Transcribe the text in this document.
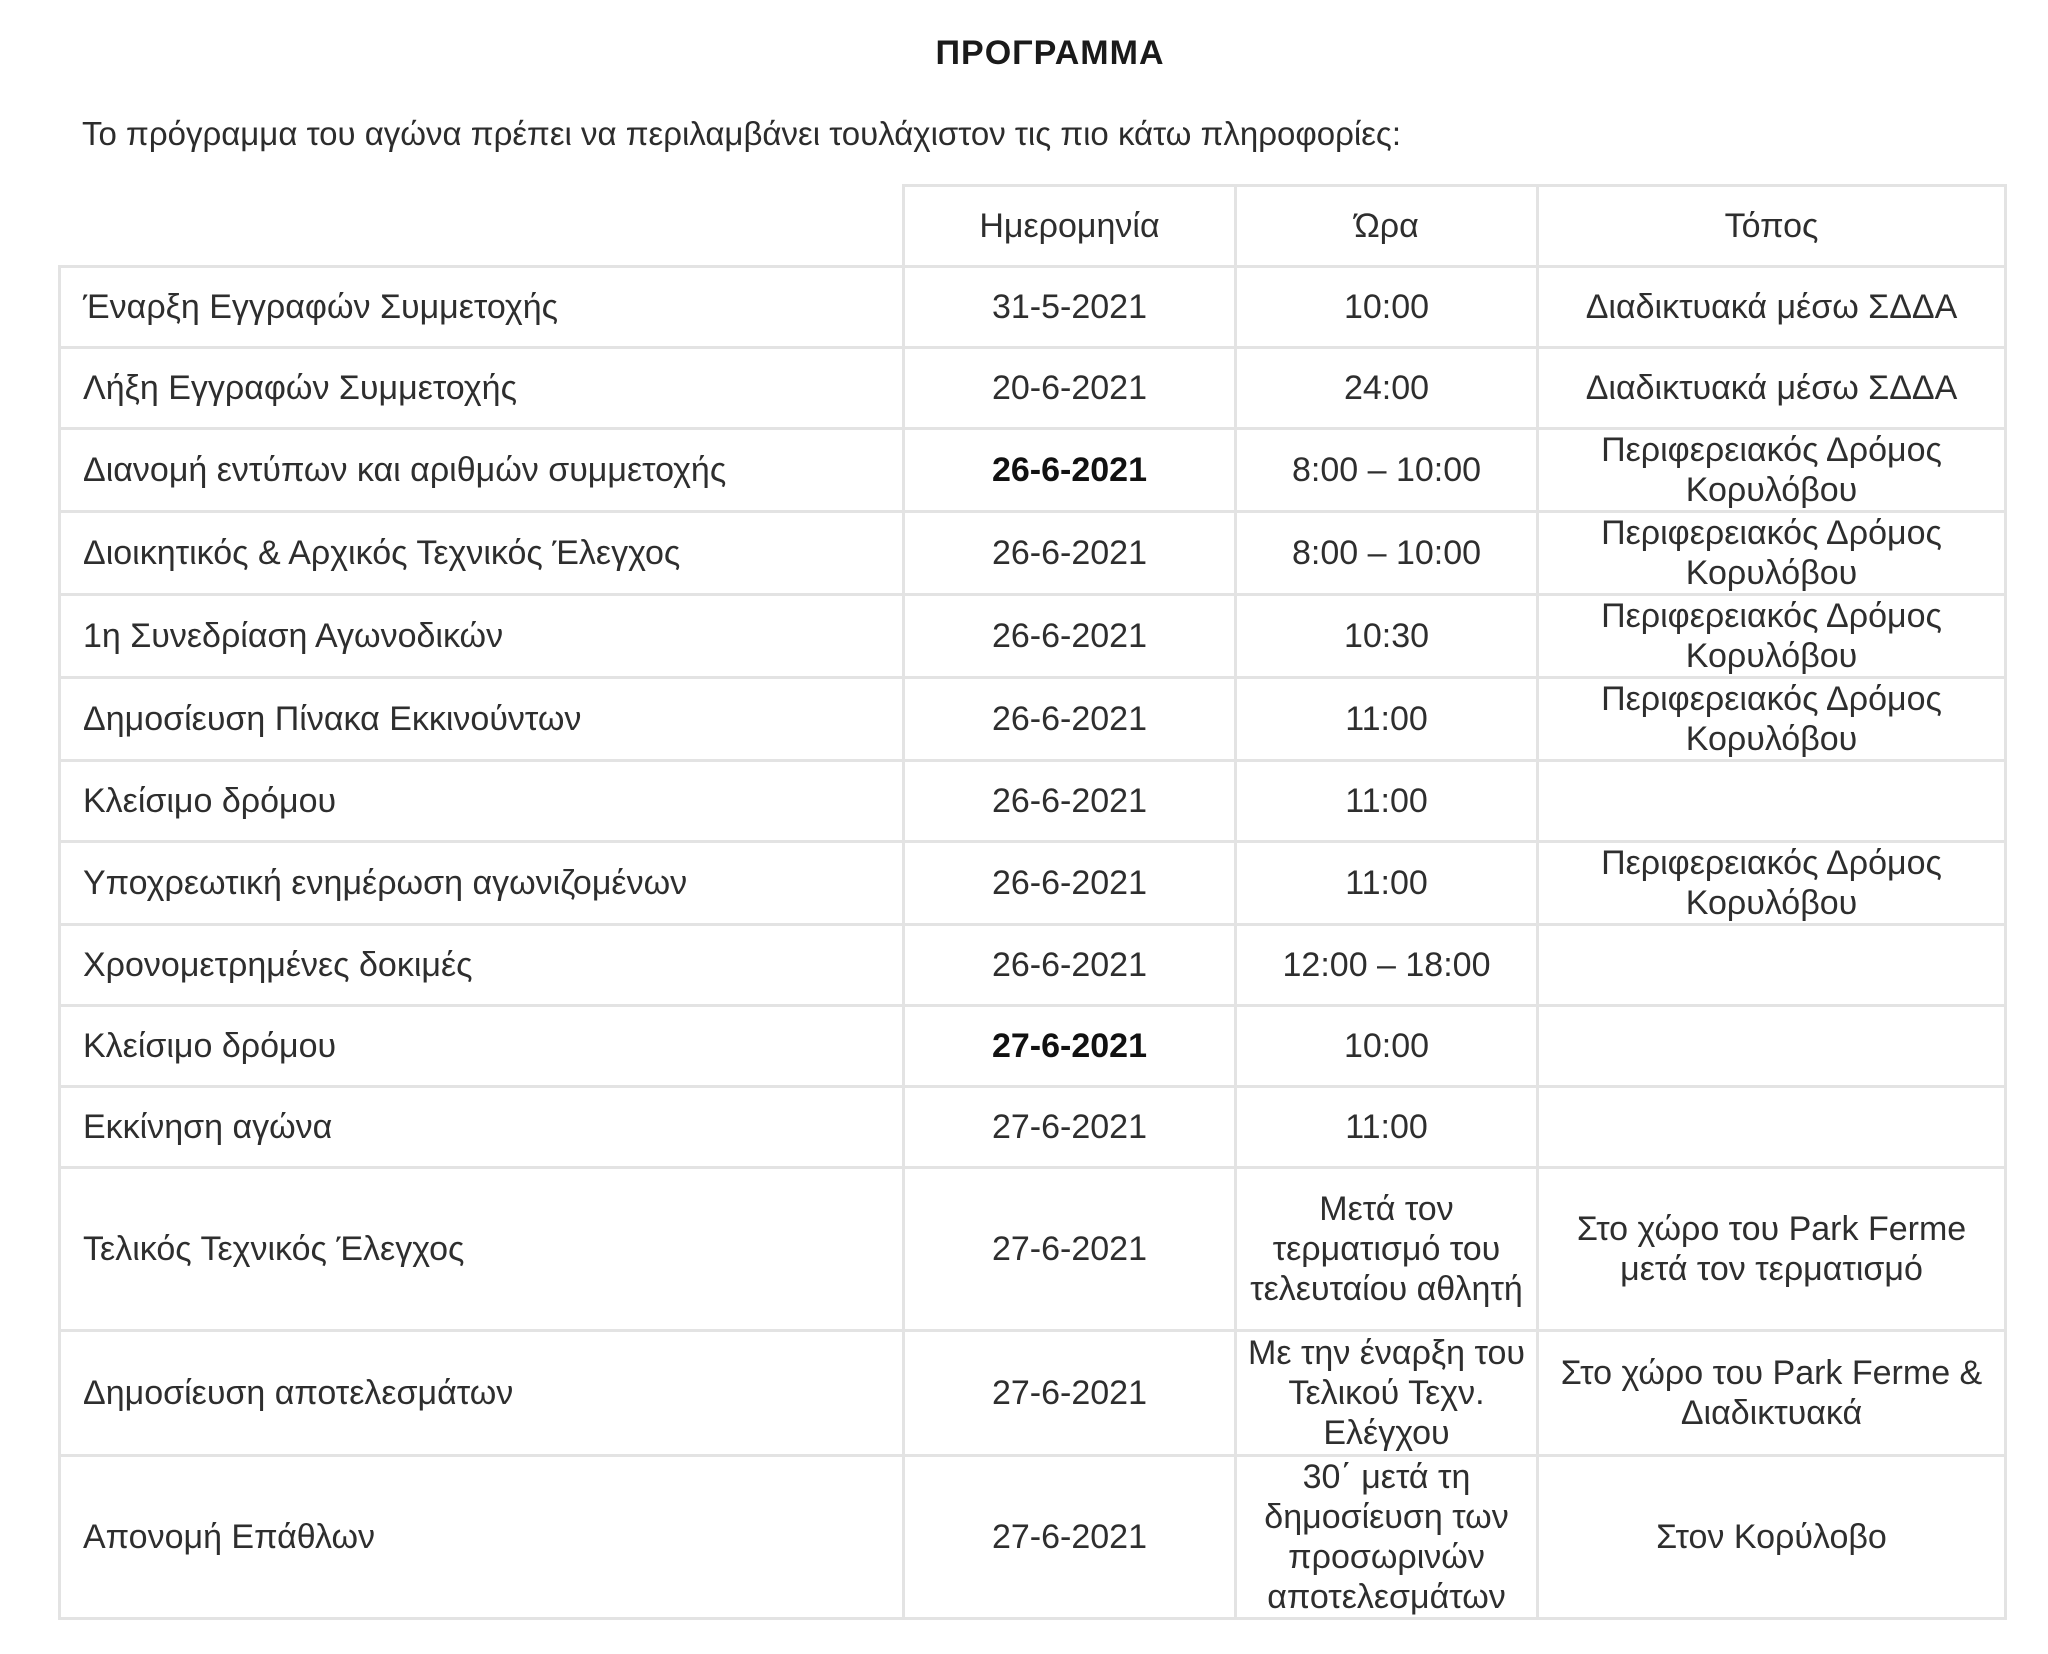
ΠΡΟΓΡΑΜΜΑ
Το πρόγραμμα του αγώνα πρέπει να περιλαμβάνει τουλάχιστον τις πιο κάτω πληροφορίες:
	Ημερομηνία	Ώρα	Τόπος
Έναρξη Εγγραφών Συμμετοχής	31-5-2021	10:00	Διαδικτυακά μέσω ΣΔΔΑ
Λήξη Εγγραφών Συμμετοχής	20-6-2021	24:00	Διαδικτυακά μέσω ΣΔΔΑ
Διανομή εντύπων και αριθμών συμμετοχής	26-6-2021	8:00 – 10:00	Περιφερειακός Δρόμος Κορυλόβου
Διοικητικός & Αρχικός Τεχνικός Έλεγχος	26-6-2021	8:00 – 10:00	Περιφερειακός Δρόμος Κορυλόβου
1η Συνεδρίαση Αγωνοδικών	26-6-2021	10:30	Περιφερειακός Δρόμος Κορυλόβου
Δημοσίευση Πίνακα Εκκινούντων	26-6-2021	11:00	Περιφερειακός Δρόμος Κορυλόβου
Κλείσιμο δρόμου	26-6-2021	11:00	
Υποχρεωτική ενημέρωση αγωνιζομένων	26-6-2021	11:00	Περιφερειακός Δρόμος Κορυλόβου
Χρονομετρημένες δοκιμές	26-6-2021	12:00 – 18:00	
Κλείσιμο δρόμου	27-6-2021	10:00	
Εκκίνηση αγώνα	27-6-2021	11:00	
Τελικός Τεχνικός Έλεγχος	27-6-2021	Μετά τον τερματισμό του τελευταίου αθλητή	Στο χώρο του Park Ferme μετά τον τερματισμό
Δημοσίευση αποτελεσμάτων	27-6-2021	Με την έναρξη του Τελικού Τεχν. Ελέγχου	Στο χώρο του Park Ferme & Διαδικτυακά
Απονομή Επάθλων	27-6-2021	30΄ μετά τη δημοσίευση των προσωρινών αποτελεσμάτων	Στον Κορύλοβο
